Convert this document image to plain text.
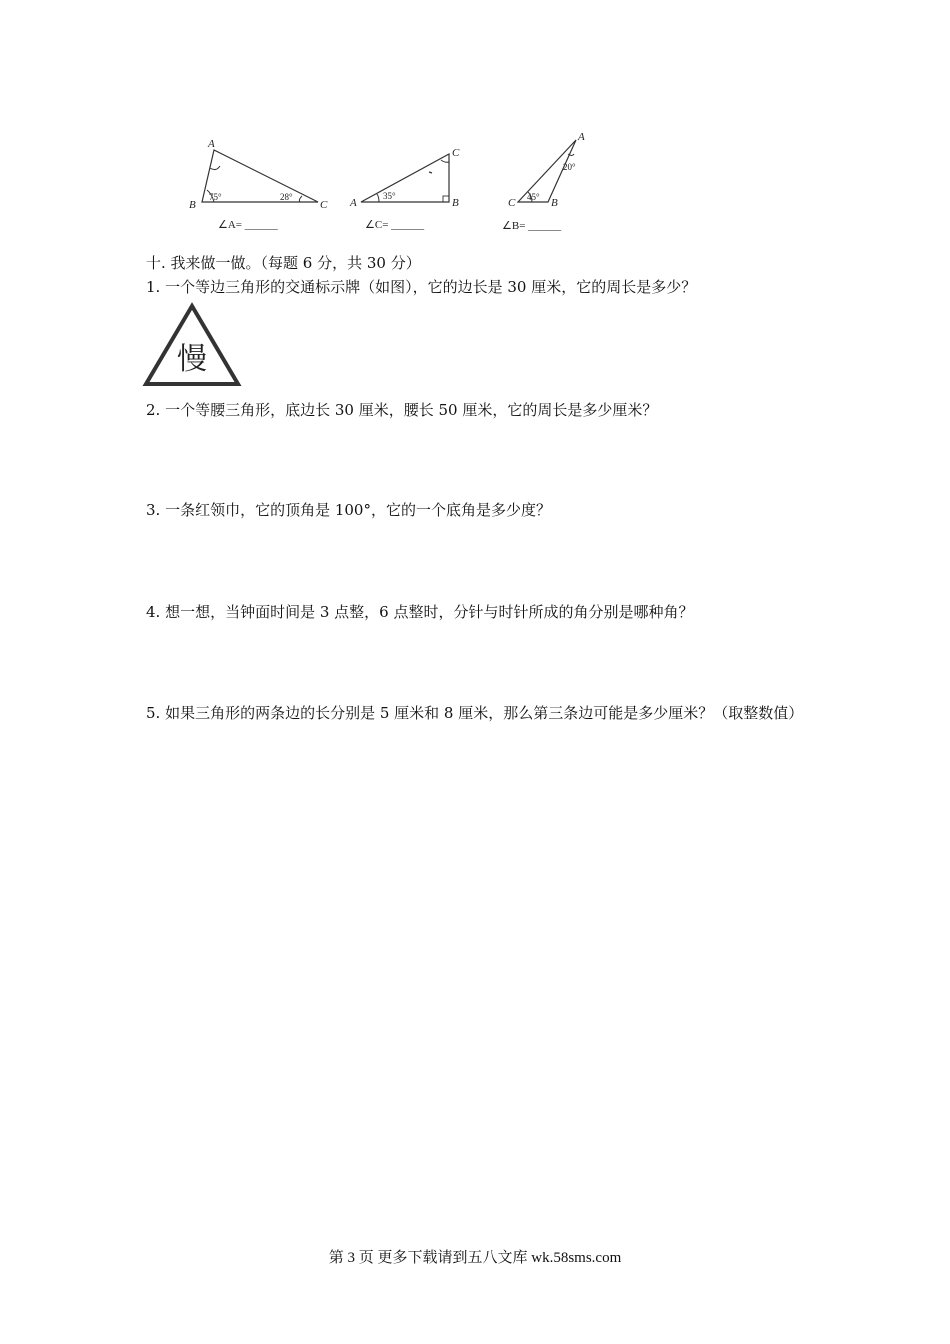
A
B	C
75°	28°
∠A= ______
A	B
C
35°
∠C= ______
A
B
C
20°
45°
∠B= ______
十. 我来做一做。（每题 6 分，共 30 分）
1. 一个等边三角形的交通标示牌（如图），它的边长是 30 厘米，它的周长是多少？
慢
2. 一个等腰三角形，底边长 30 厘米，腰长 50 厘米，它的周长是多少厘米？
3. 一条红领巾，它的顶角是 100°，它的一个底角是多少度？
4. 想一想，当钟面时间是 3 点整，6 点整时，分针与时针所成的角分别是哪种角？
5. 如果三角形的两条边的长分别是 5 厘米和 8 厘米，那么第三条边可能是多少厘米？（取整数值）
第 3 页 更多下载请到五八文库 wk.58sms.com
